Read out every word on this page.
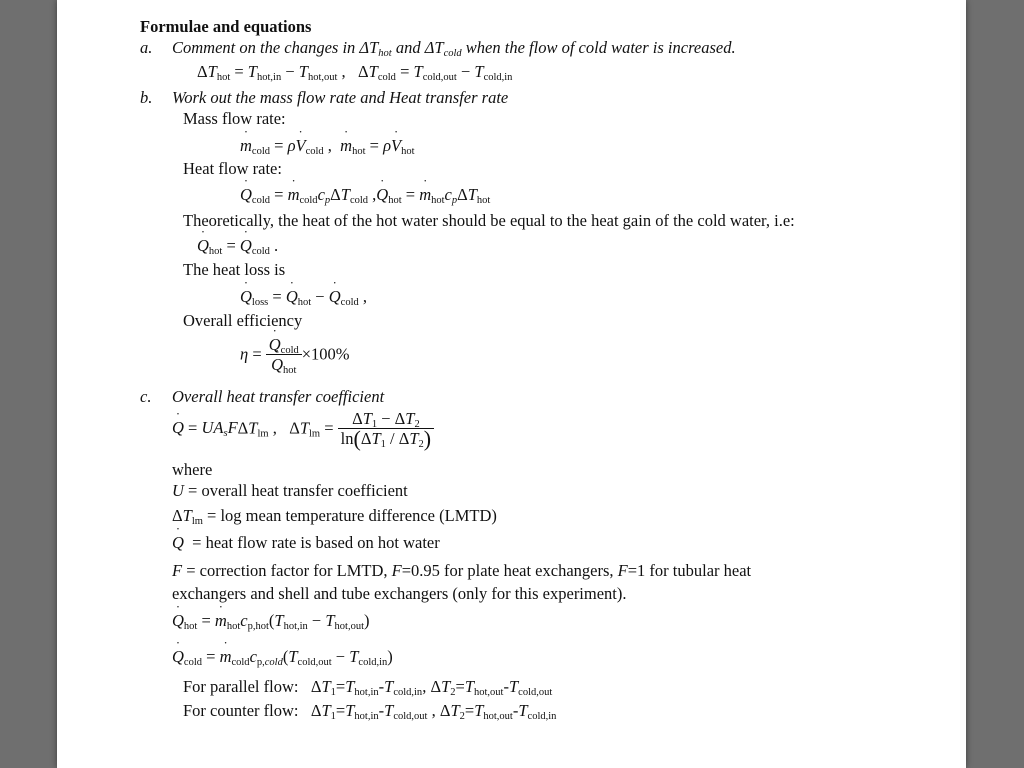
Formulae and equations
a. Comment on the changes in $\Delta T_{hot}$ and $\Delta T_{cold}$ when the flow of cold water is increased.
$\Delta T_{hot} = T_{hot,in} - T_{hot,out}$ ,   $\Delta T_{cold} = T_{cold,out} - T_{cold,in}$
b. Work out the mass flow rate and Heat transfer rate
Mass flow rate:
˙ $m_{cold}$ = ρ˙ $V_{cold}$ ,  ˙ $m_{hot}$ = ρ˙ $V_{hot}$
Heat flow rate:
˙ $Q_{cold}$ = ˙ $m_{cold}c_p\Delta T_{cold}$ ,˙ $Q_{hot}$ = ˙ $m_{hot}c_p\Delta T_{hot}$
Theoretically, the heat of the hot water should be equal to the heat gain of the cold water, i.e:
˙ $Q_{hot}$ = ˙ $Q_{cold}$ .
The heat loss is
˙ $Q_{loss}$ = ˙ $Q_{hot}$ − ˙ $Q_{cold}$ ,
Overall efficiency
η =
˙ $Q_{cold}$
˙ $Q_{hot} \times 100\%$
c. Overall heat transfer coefficient
˙ $Q = UA_sF\Delta T_{lm}$ ,   $\Delta T_{lm} = \frac{\Delta T_1 - \Delta T_2}{\ln(\Delta T_1 / \Delta T_2)}$
where
U = overall heat transfer coefficient
$\Delta T_{lm} = \log$ mean temperature difference (LMTD)
˙ Q  = heat flow rate is based on hot water
F = correction factor for LMTD, F=0.95 for plate heat exchangers, F=1 for tubular heat
exchangers and shell and tube exchangers (only for this experiment).
˙ $Q_{hot}$ = ˙ $m_{hot}c_{p,hot}(T_{hot,in} - T_{hot,out})$
˙ $Q_{cold}$ = ˙ $m_{cold}c_{p,cold}(T_{cold,out} - T_{cold,in})$
For parallel flow:   $\Delta T_1=T_{hot,in}-T_{cold,in}$, $\Delta T_2=T_{hot,out}-T_{cold,out}$
For counter flow:   $\Delta T_1=T_{hot,in}-T_{cold,out}$ , $\Delta T_2=T_{hot,out}-T_{cold,in}$
